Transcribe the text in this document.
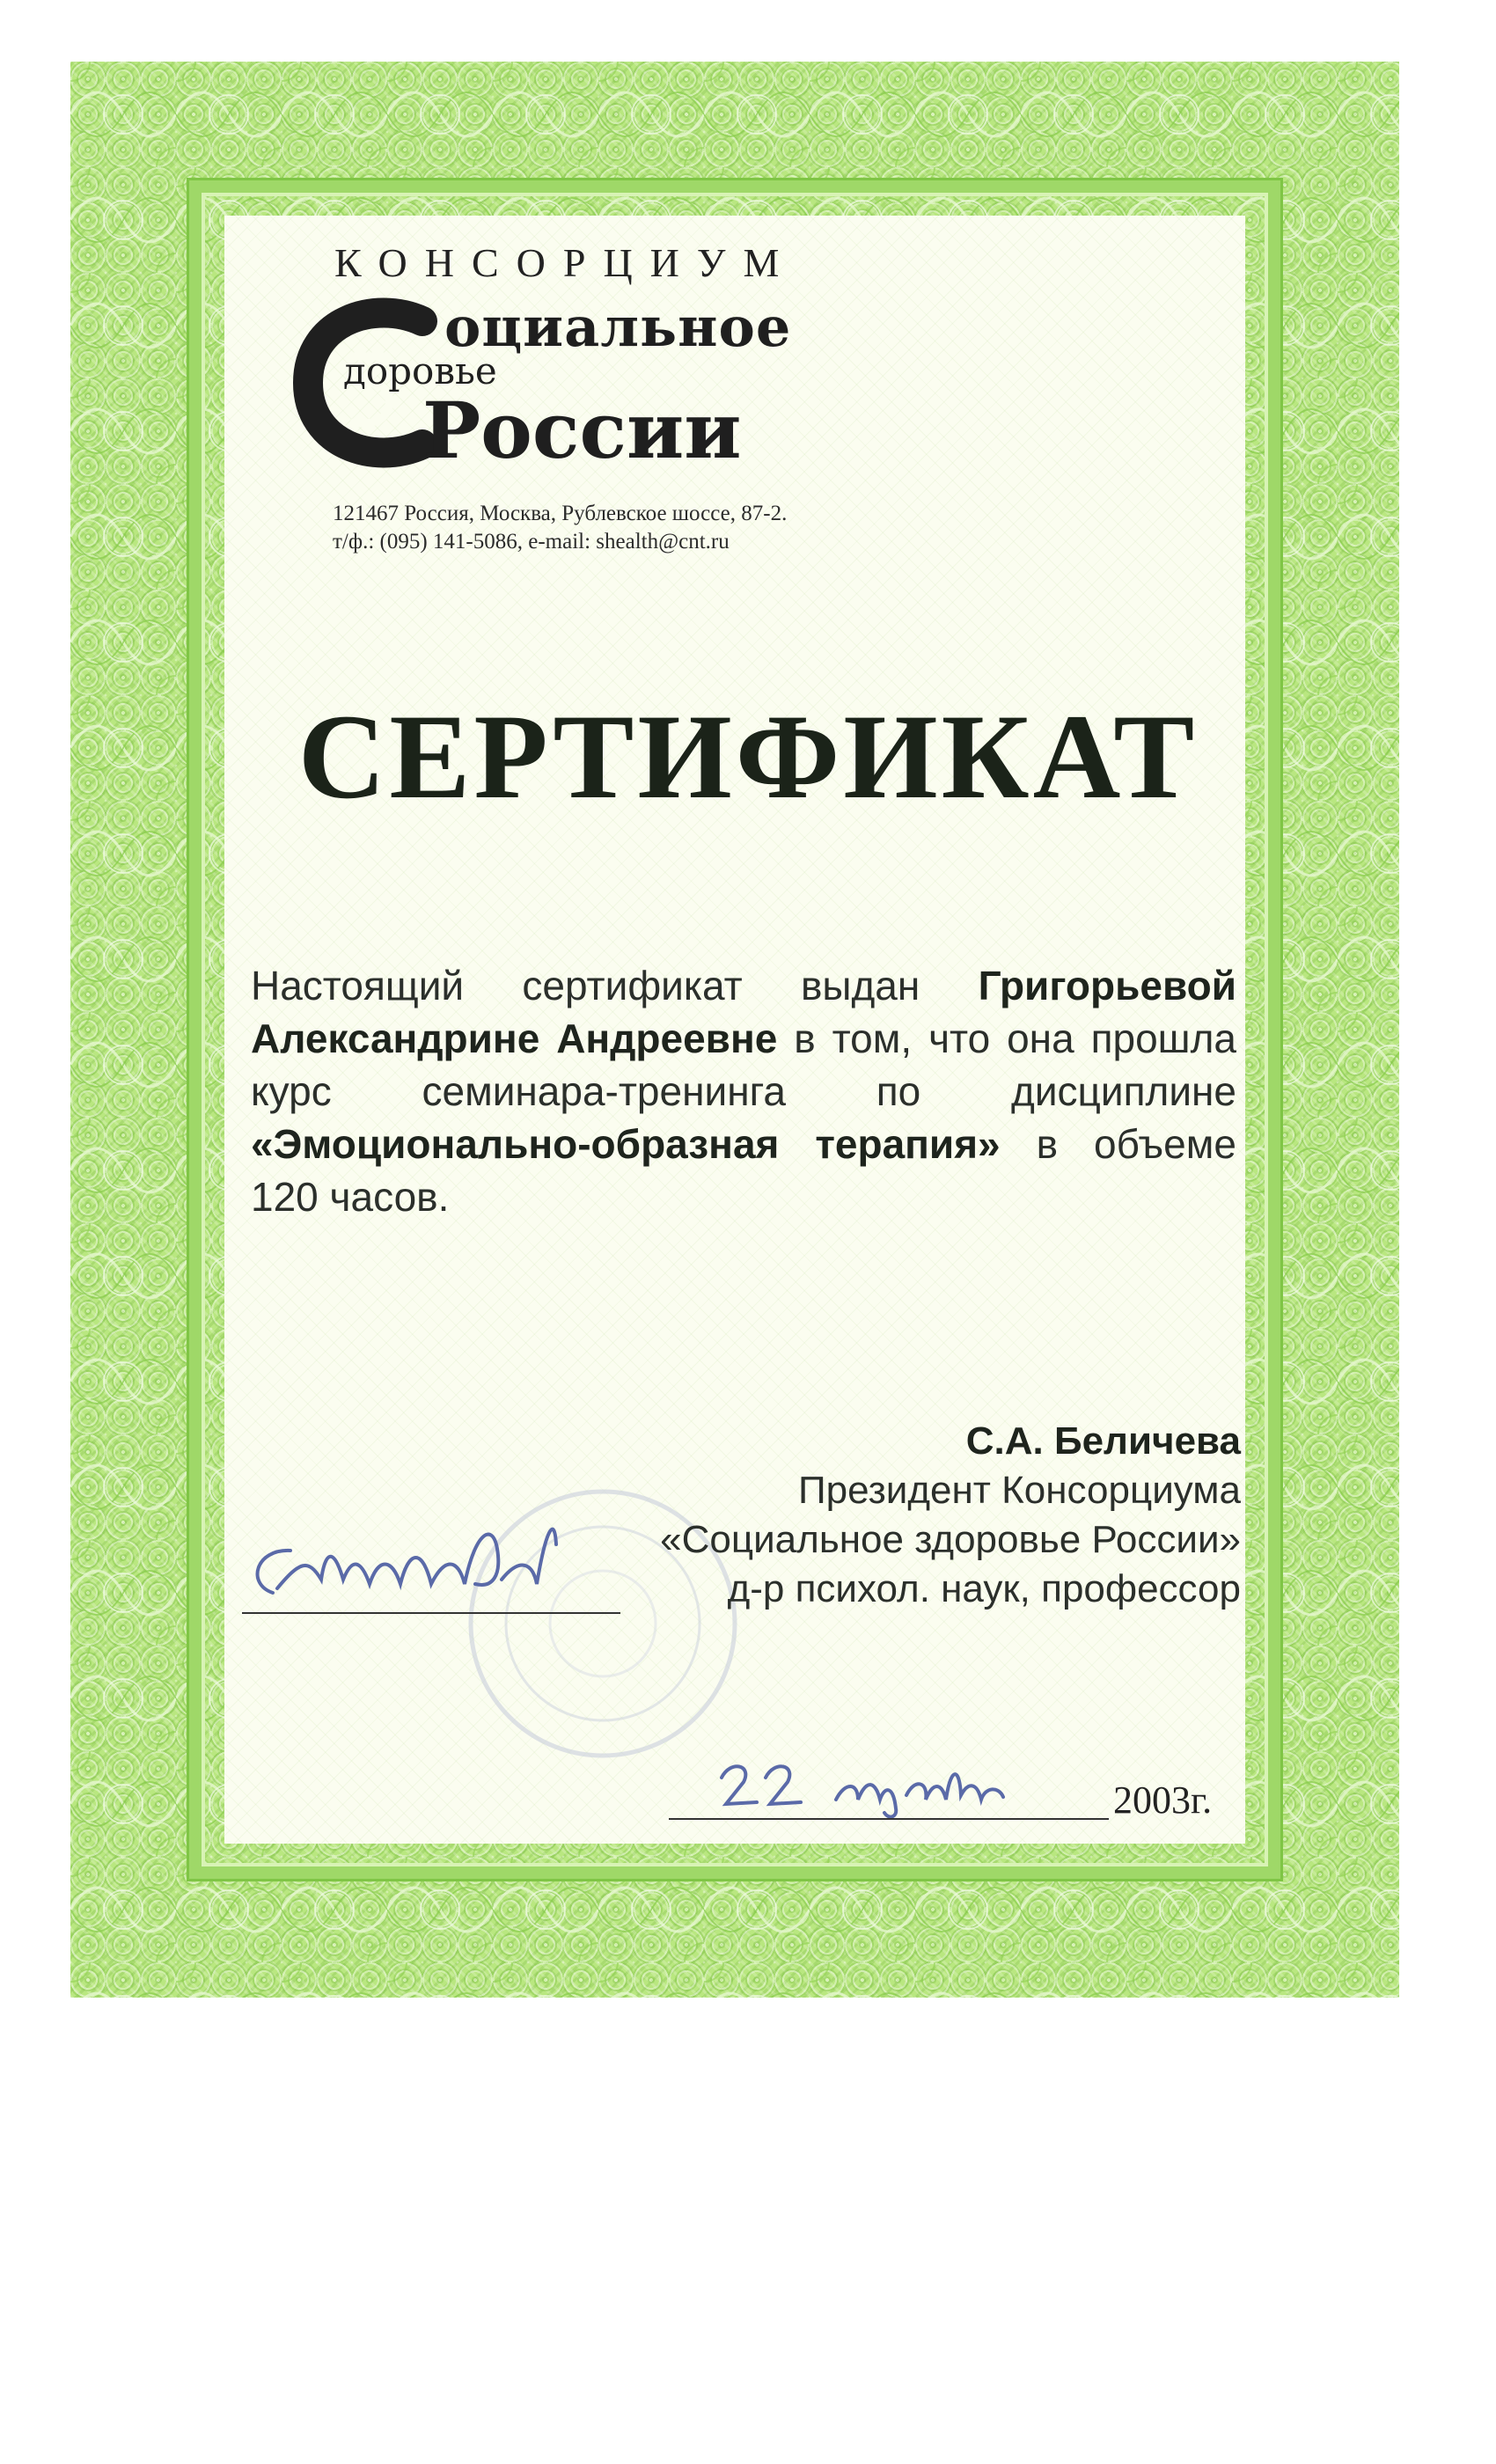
КОНСОРЦИУМ
оциальное
доровье
России
121467 Россия, Москва, Рублевское шоссе, 87-2.
т/ф.: (095) 141-5086, e-mail: shealth@cnt.ru
СЕРТИФИКАТ
Настоящий сертификат выдан Григорьевой Александрине Андреевне в том, что она прошла курс семинара-тренинга по дисциплине «Эмоционально-образная терапия» в объеме 120 часов.
С.А. Беличева
Президент Консорциума
«Социальное здоровье России»
д-р психол. наук, профессор
2003г.
